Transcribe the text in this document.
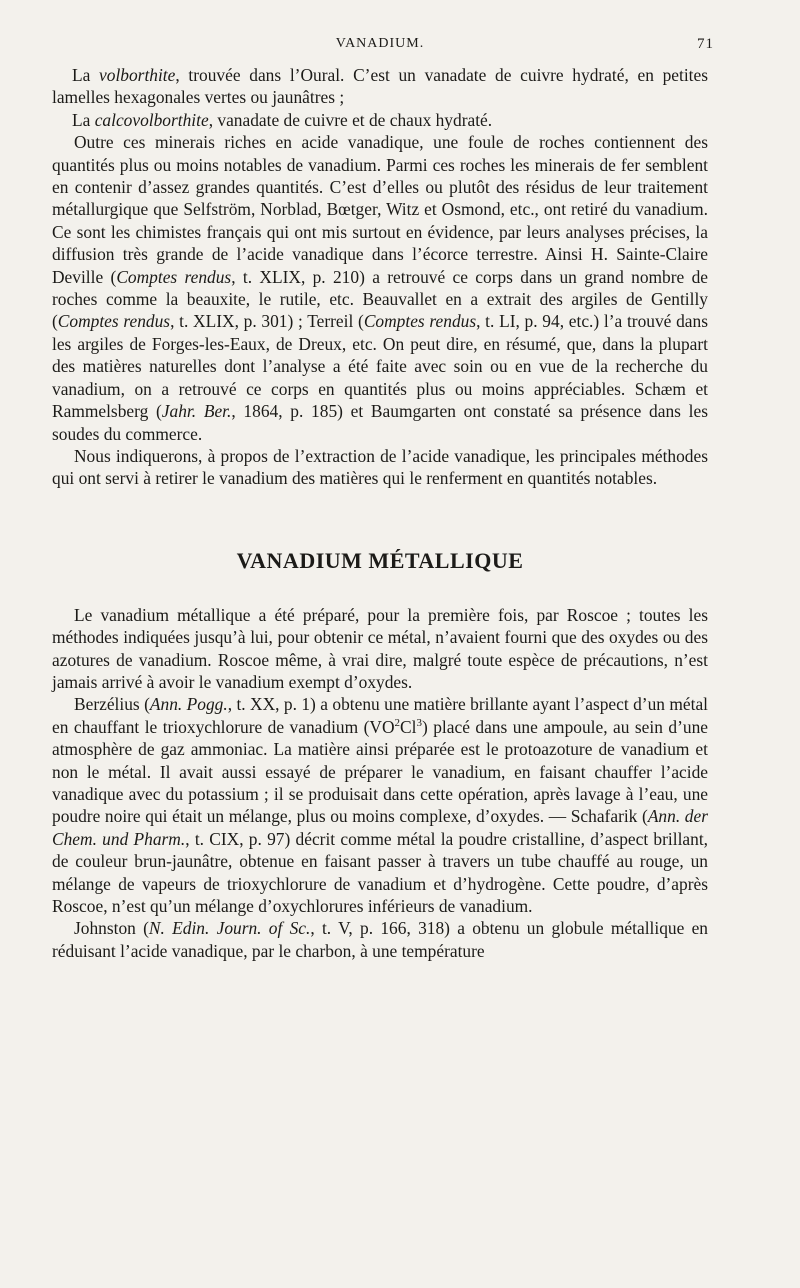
VANADIUM.	71

La volborthite, trouvée dans l’Oural. C’est un vanadate de cuivre hydraté, en petites lamelles hexagonales vertes ou jaunâtres ;

La calcovolborthite, vanadate de cuivre et de chaux hydraté.

Outre ces minerais riches en acide vanadique, une foule de roches contiennent des quantités plus ou moins notables de vanadium. Parmi ces roches les minerais de fer semblent en contenir d’assez grandes quantités. C’est d’elles ou plutôt des résidus de leur traitement métallurgique que Selfström, Norblad, Bœtger, Witz et Osmond, etc., ont retiré du vanadium. Ce sont les chimistes français qui ont mis surtout en évidence, par leurs analyses précises, la diffusion très grande de l’acide vanadique dans l’écorce terrestre. Ainsi H. Sainte-Claire Deville (Comptes rendus, t. XLIX, p. 210) a retrouvé ce corps dans un grand nombre de roches comme la beauxite, le rutile, etc. Beauvallet en a extrait des argiles de Gentilly (Comptes rendus, t. XLIX, p. 301) ; Terreil (Comptes rendus, t. LI, p. 94, etc.) l’a trouvé dans les argiles de Forges-les-Eaux, de Dreux, etc. On peut dire, en résumé, que, dans la plupart des matières naturelles dont l’analyse a été faite avec soin ou en vue de la recherche du vanadium, on a retrouvé ce corps en quantités plus ou moins appréciables. Schæm et Rammelsberg (Jahr. Ber., 1864, p. 185) et Baumgarten ont constaté sa présence dans les soudes du commerce.

Nous indiquerons, à propos de l’extraction de l’acide vanadique, les principales méthodes qui ont servi à retirer le vanadium des matières qui le renferment en quantités notables.

VANADIUM MÉTALLIQUE

Le vanadium métallique a été préparé, pour la première fois, par Roscoe ; toutes les méthodes indiquées jusqu’à lui, pour obtenir ce métal, n’avaient fourni que des oxydes ou des azotures de vanadium. Roscoe même, à vrai dire, malgré toute espèce de précautions, n’est jamais arrivé à avoir le vanadium exempt d’oxydes.

Berzélius (Ann. Pogg., t. XX, p. 1) a obtenu une matière brillante ayant l’aspect d’un métal en chauffant le trioxychlorure de vanadium $(VO^2Cl^3)$ placé dans une ampoule, au sein d’une atmosphère de gaz ammoniac. La matière ainsi préparée est le protoazoture de vanadium et non le métal. Il avait aussi essayé de préparer le vanadium, en faisant chauffer l’acide vanadique avec du potassium ; il se produisait dans cette opération, après lavage à l’eau, une poudre noire qui était un mélange, plus ou moins complexe, d’oxydes. — Schafarik (Ann. der Chem. und Pharm., t. CIX, p. 97) décrit comme métal la poudre cristalline, d’aspect brillant, de couleur brun-jaunâtre, obtenue en faisant passer à travers un tube chauffé au rouge, un mélange de vapeurs de trioxychlorure de vanadium et d’hydrogène. Cette poudre, d’après Roscoe, n’est qu’un mélange d’oxychlorures inférieurs de vanadium.

Johnston (N. Edin. Journ. of Sc., t. V, p. 166, 318) a obtenu un globule métallique en réduisant l’acide vanadique, par le charbon, à une température
